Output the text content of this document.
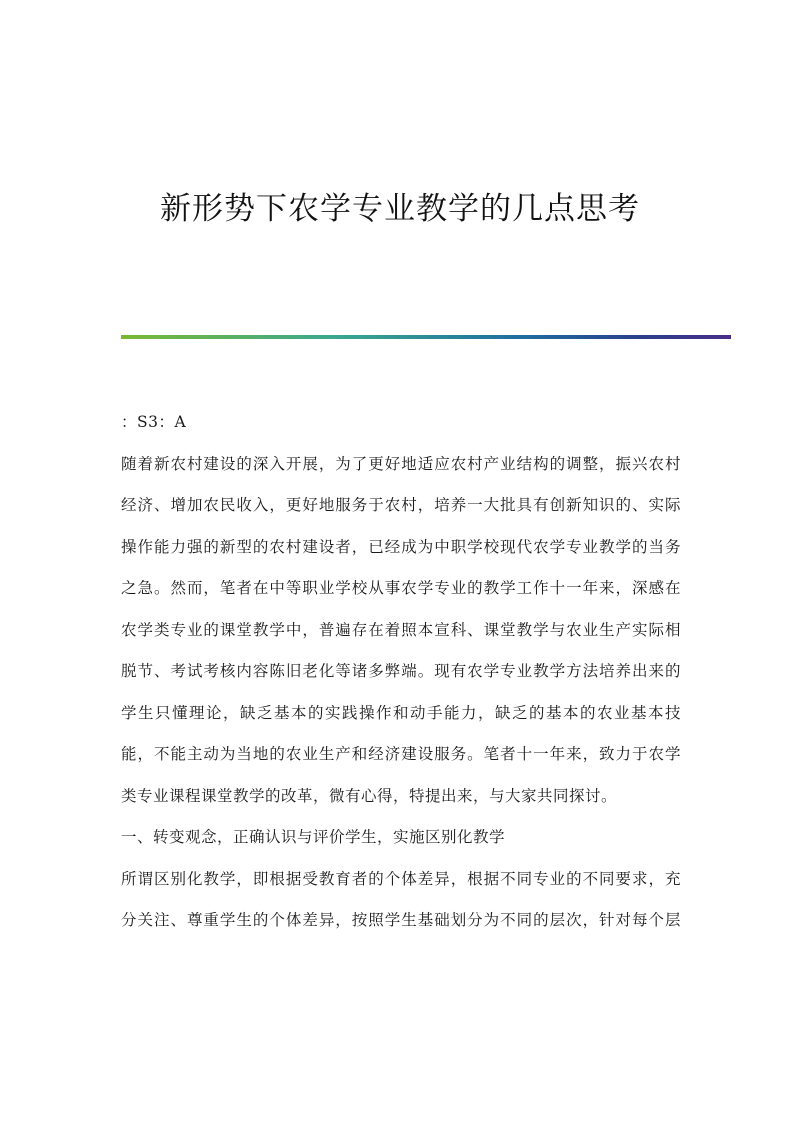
新形势下农学专业教学的几点思考
：S3：A
随着新农村建设的深入开展，为了更好地适应农村产业结构的调整，振兴农村
经济、增加农民收入，更好地服务于农村，培养一大批具有创新知识的、实际
操作能力强的新型的农村建设者，已经成为中职学校现代农学专业教学的当务
之急。然而，笔者在中等职业学校从事农学专业的教学工作十一年来，深感在
农学类专业的课堂教学中，普遍存在着照本宣科、课堂教学与农业生产实际相
脱节、考试考核内容陈旧老化等诸多弊端。现有农学专业教学方法培养出来的
学生只懂理论，缺乏基本的实践操作和动手能力，缺乏的基本的农业基本技
能，不能主动为当地的农业生产和经济建设服务。笔者十一年来，致力于农学
类专业课程课堂教学的改革，微有心得，特提出来，与大家共同探讨。
一、转变观念，正确认识与评价学生，实施区别化教学
所谓区别化教学，即根据受教育者的个体差异，根据不同专业的不同要求，充
分关注、尊重学生的个体差异，按照学生基础划分为不同的层次，针对每个层
